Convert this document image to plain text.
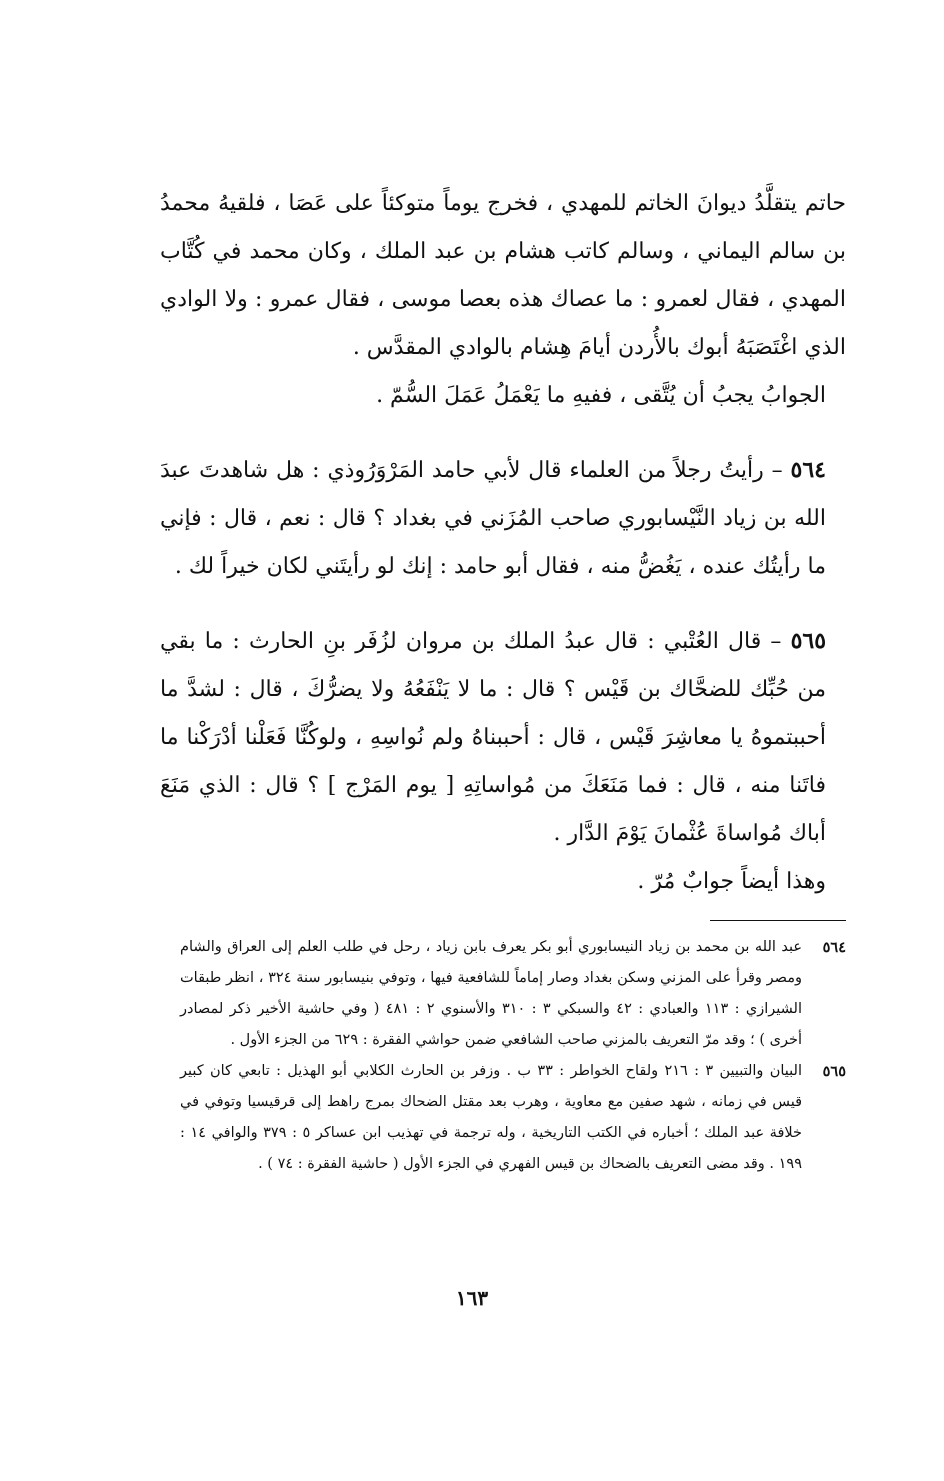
حاتم يتقلَّدُ ديوانَ الخاتم للمهدي ، فخرج يوماً متوكئاً على عَصَا ، فلقيهُ محمدُ بن سالم اليماني ، وسالم كاتب هشام بن عبد الملك ، وكان محمد في كُتَّاب المهدي ، فقال لعمرو : ما عصاك هذه بعصا موسى ، فقال عمرو : ولا الوادي الذي اغْتَصَبَهُ أبوك بالأُردن أيامَ هِشام بالوادي المقدَّس .

الجوابُ يجبُ أن يُتَّقى ، ففيهِ ما يَعْمَلُ عَمَلَ السُّمّ .

٥٦٤ – رأيتُ رجلاً من العلماء قال لأبي حامد المَرْوَرُوذي : هل شاهدتَ عبدَ الله بن زياد النَّيْسابوري صاحب المُزَني في بغداد ؟ قال : نعم ، قال : فإني ما رأيتُك عنده ، يَغُضُّ منه ، فقال أبو حامد : إنك لو رأيتَني لكان خيراً لك .

٥٦٥ – قال العُتْبي : قال عبدُ الملك بن مروان لزُفَر بنِ الحارث : ما بقي من حُبِّك للضحَّاك بن قَيْس ؟ قال : ما لا يَنْفَعُهُ ولا يضرُّكَ ، قال : لشدَّ ما أحببتموهُ يا معاشِرَ قَيْس ، قال : أحببناهُ ولم نُواسِهِ ، ولوكُنَّا فَعَلْنا أدْرَكْنا ما فاتَنا منه ، قال : فما مَنَعَكَ من مُواساتِهِ [ يوم المَرْج ] ؟ قال : الذي مَنَعَ أباك مُواساةَ عُثْمانَ يَوْمَ الدَّار .

وهذا أيضاً جوابٌ مُرّ .

٥٦٤
عبد الله بن محمد بن زياد النيسابوري أبو بكر يعرف بابن زياد ، رحل في طلب العلم إلى العراق والشام ومصر وقرأ على المزني وسكن بغداد وصار إماماً للشافعية فيها ، وتوفي بنيسابور سنة ٣٢٤ ، انظر طبقات الشيرازي : ١١٣ والعبادي : ٤٢ والسبكي ٣ : ٣١٠ والأسنوي ٢ : ٤٨١ ( وفي حاشية الأخير ذكر لمصادر أخرى ) ؛ وقد مرّ التعريف بالمزني صاحب الشافعي ضمن حواشي الفقرة : ٦٢٩ من الجزء الأول .
٥٦٥
البيان والتبيين ٣ : ٢١٦ ولقاح الخواطر : ٣٣ ب . وزفر بن الحارث الكلابي أبو الهذيل : تابعي كان كبير قيس في زمانه ، شهد صفين مع معاوية ، وهرب بعد مقتل الضحاك بمرج راهط إلى قرقيسيا وتوفي في خلافة عبد الملك ؛ أخباره في الكتب التاريخية ، وله ترجمة في تهذيب ابن عساكر ٥ : ٣٧٩ والوافي ١٤ : ١٩٩ . وقد مضى التعريف بالضحاك بن قيس الفهري في الجزء الأول ( حاشية الفقرة : ٧٤ ) .
١٦٣
